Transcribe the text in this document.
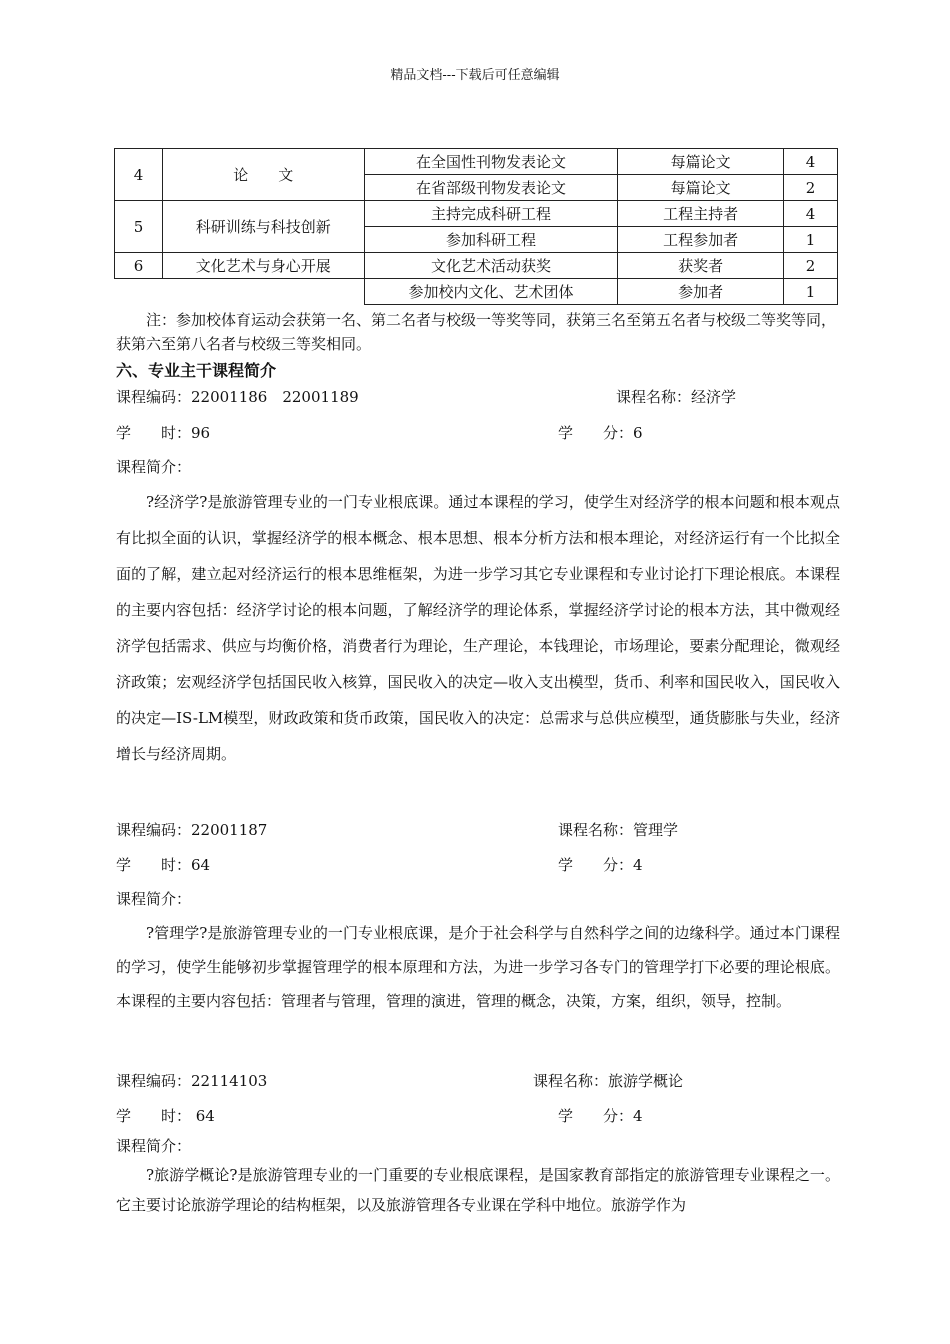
精品文档---下载后可任意编辑
4	论　　文	在全国性刊物发表论文	每篇论文	4
		在省部级刊物发表论文	每篇论文	2
5	科研训练与科技创新	主持完成科研工程	工程主持者	4
		参加科研工程	工程参加者	1
6	文化艺术与身心开展	文化艺术活动获奖	获奖者	2
		参加校内文化、艺术团体	参加者	1
注：参加校体育运动会获第一名、第二名者与校级一等奖等同，获第三名至第五名者与校级二等奖等同，获第六至第八名者与校级三等奖相同。
六、专业主干课程简介
课程编码：22001186　22001189	课程名称：经济学
学　　时：96	学　　分：6
课程简介：
?经济学?是旅游管理专业的一门专业根底课。通过本课程的学习，使学生对经济学的根本问题和根本观点有比拟全面的认识，掌握经济学的根本概念、根本思想、根本分析方法和根本理论，对经济运行有一个比拟全面的了解，建立起对经济运行的根本思维框架，为进一步学习其它专业课程和专业讨论打下理论根底。本课程的主要内容包括：经济学讨论的根本问题，了解经济学的理论体系，掌握经济学讨论的根本方法，其中微观经济学包括需求、供应与均衡价格，消费者行为理论，生产理论，本钱理论，市场理论，要素分配理论，微观经济政策；宏观经济学包括国民收入核算，国民收入的决定—收入支出模型，货币、利率和国民收入，国民收入的决定—IS-LM模型，财政政策和货币政策，国民收入的决定：总需求与总供应模型，通货膨胀与失业，经济增长与经济周期。
课程编码：22001187	课程名称：管理学
学　　时：64	学　　分：4
课程简介：
?管理学?是旅游管理专业的一门专业根底课，是介于社会科学与自然科学之间的边缘科学。通过本门课程的学习，使学生能够初步掌握管理学的根本原理和方法，为进一步学习各专门的管理学打下必要的理论根底。本课程的主要内容包括：管理者与管理，管理的演进，管理的概念，决策，方案，组织，领导，控制。
课程编码：22114103	课程名称：旅游学概论
学　　时： 64	学　　分：4
课程简介：
?旅游学概论?是旅游管理专业的一门重要的专业根底课程，是国家教育部指定的旅游管理专业课程之一。它主要讨论旅游学理论的结构框架，以及旅游管理各专业课在学科中地位。旅游学作为
